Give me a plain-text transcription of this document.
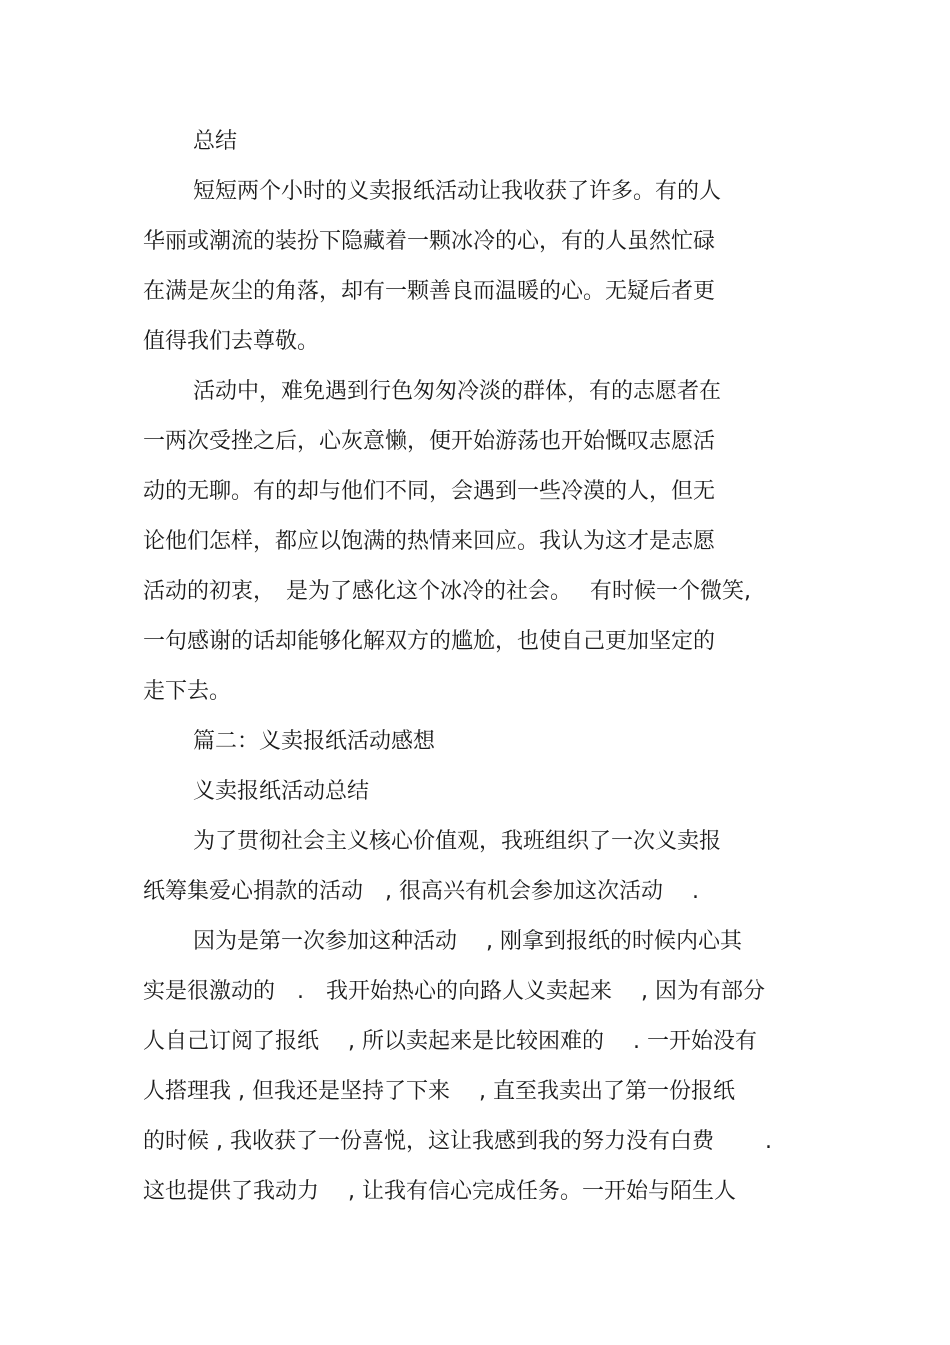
总结
短短两个小时的义卖报纸活动让我收获了许多。有的人
华丽或潮流的装扮下隐藏着一颗冰冷的心，有的人虽然忙碌
在满是灰尘的角落，却有一颗善良而温暖的心。无疑后者更
值得我们去尊敬。
活动中，难免遇到行色匆匆冷淡的群体，有的志愿者在
一两次受挫之后，心灰意懒，便开始游荡也开始慨叹志愿活
动的无聊。有的却与他们不同，会遇到一些冷漠的人，但无
论他们怎样，都应以饱满的热情来回应。我认为这才是志愿
活动的初衷，　是为了感化这个冰冷的社会。　 有时候一个微笑,
一句感谢的话却能够化解双方的尴尬，也使自己更加坚定的
走下去。
篇二：义卖报纸活动感想
义卖报纸活动总结
为了贯彻社会主义核心价值观，我班组织了一次义卖报
纸筹集爱心捐款的活动　, 很高兴有机会参加这次活动　 .
因为是第一次参加这种活动　 , 刚拿到报纸的时候内心其
实是很激动的　.　我开始热心的向路人义卖起来　 , 因为有部分
人自己订阅了报纸　 , 所以卖起来是比较困难的　 . 一开始没有
人搭理我 , 但我还是坚持了下来　 , 直至我卖出了第一份报纸
的时候 , 我收获了一份喜悦，这让我感到我的努力没有白费　　 .
这也提供了我动力　 , 让我有信心完成任务。一开始与陌生人
